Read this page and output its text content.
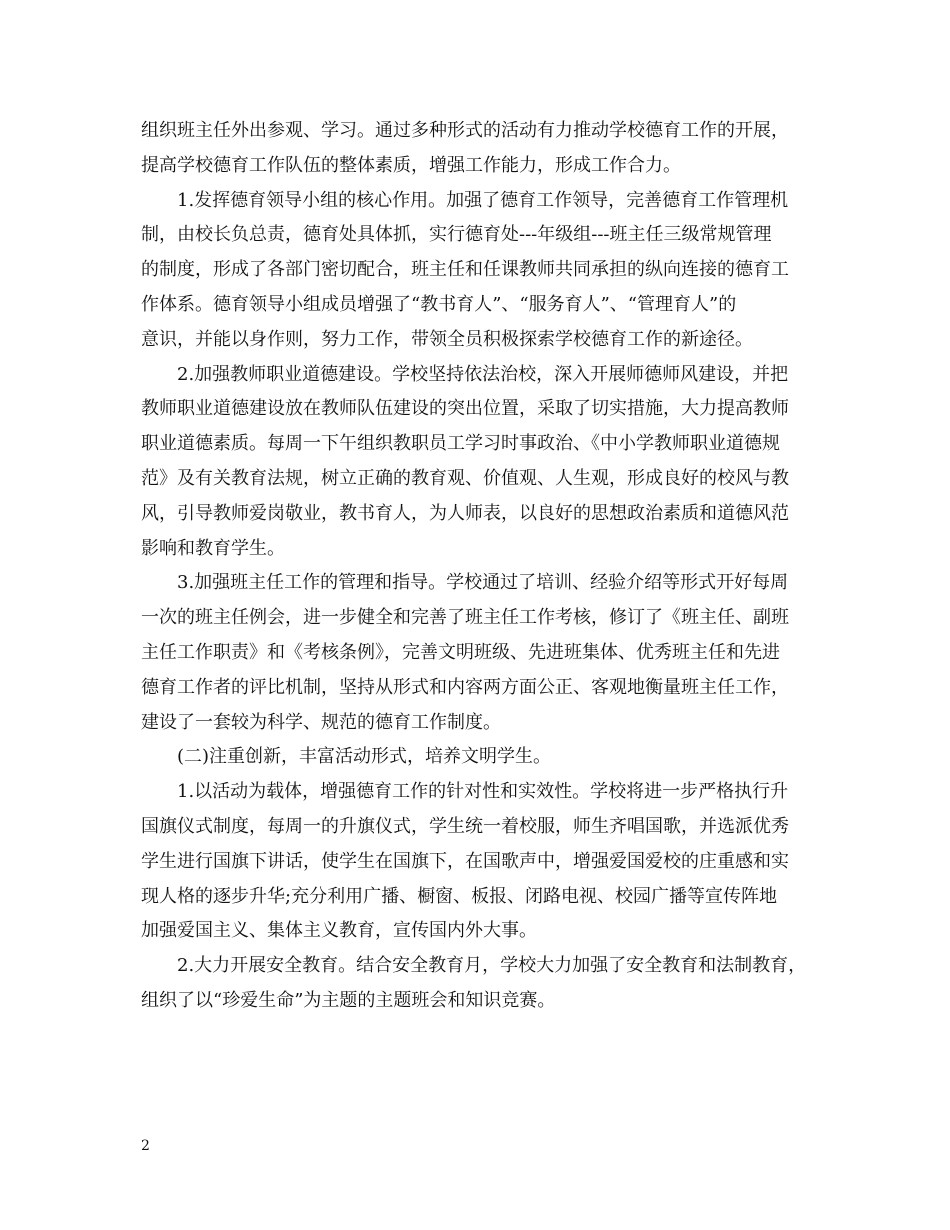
组织班主任外出参观、学习。通过多种形式的活动有力推动学校德育工作的开展，
提高学校德育工作队伍的整体素质，增强工作能力，形成工作合力。

1.发挥德育领导小组的核心作用。加强了德育工作领导，完善德育工作管理机
制，由校长负总责，德育处具体抓，实行德育处---年级组---班主任三级常规管理
的制度，形成了各部门密切配合，班主任和任课教师共同承担的纵向连接的德育工
作体系。德育领导小组成员增强了“教书育人”、“服务育人”、“管理育人”的
意识，并能以身作则，努力工作，带领全员积极探索学校德育工作的新途径。

2.加强教师职业道德建设。学校坚持依法治校，深入开展师德师风建设，并把
教师职业道德建设放在教师队伍建设的突出位置，采取了切实措施，大力提高教师
职业道德素质。每周一下午组织教职员工学习时事政治、《中小学教师职业道德规
范》及有关教育法规，树立正确的教育观、价值观、人生观，形成良好的校风与教
风，引导教师爱岗敬业，教书育人，为人师表，以良好的思想政治素质和道德风范
影响和教育学生。

3.加强班主任工作的管理和指导。学校通过了培训、经验介绍等形式开好每周
一次的班主任例会，进一步健全和完善了班主任工作考核，修订了《班主任、副班
主任工作职责》和《考核条例》，完善文明班级、先进班集体、优秀班主任和先进
德育工作者的评比机制，坚持从形式和内容两方面公正、客观地衡量班主任工作，
建设了一套较为科学、规范的德育工作制度。

(二)注重创新，丰富活动形式，培养文明学生。

1.以活动为载体，增强德育工作的针对性和实效性。学校将进一步严格执行升
国旗仪式制度，每周一的升旗仪式，学生统一着校服，师生齐唱国歌，并选派优秀
学生进行国旗下讲话，使学生在国旗下，在国歌声中，增强爱国爱校的庄重感和实
现人格的逐步升华;充分利用广播、橱窗、板报、闭路电视、校园广播等宣传阵地
加强爱国主义、集体主义教育，宣传国内外大事。

2.大力开展安全教育。结合安全教育月，学校大力加强了安全教育和法制教育，
组织了以“珍爱生命”为主题的主题班会和知识竞赛。

2
